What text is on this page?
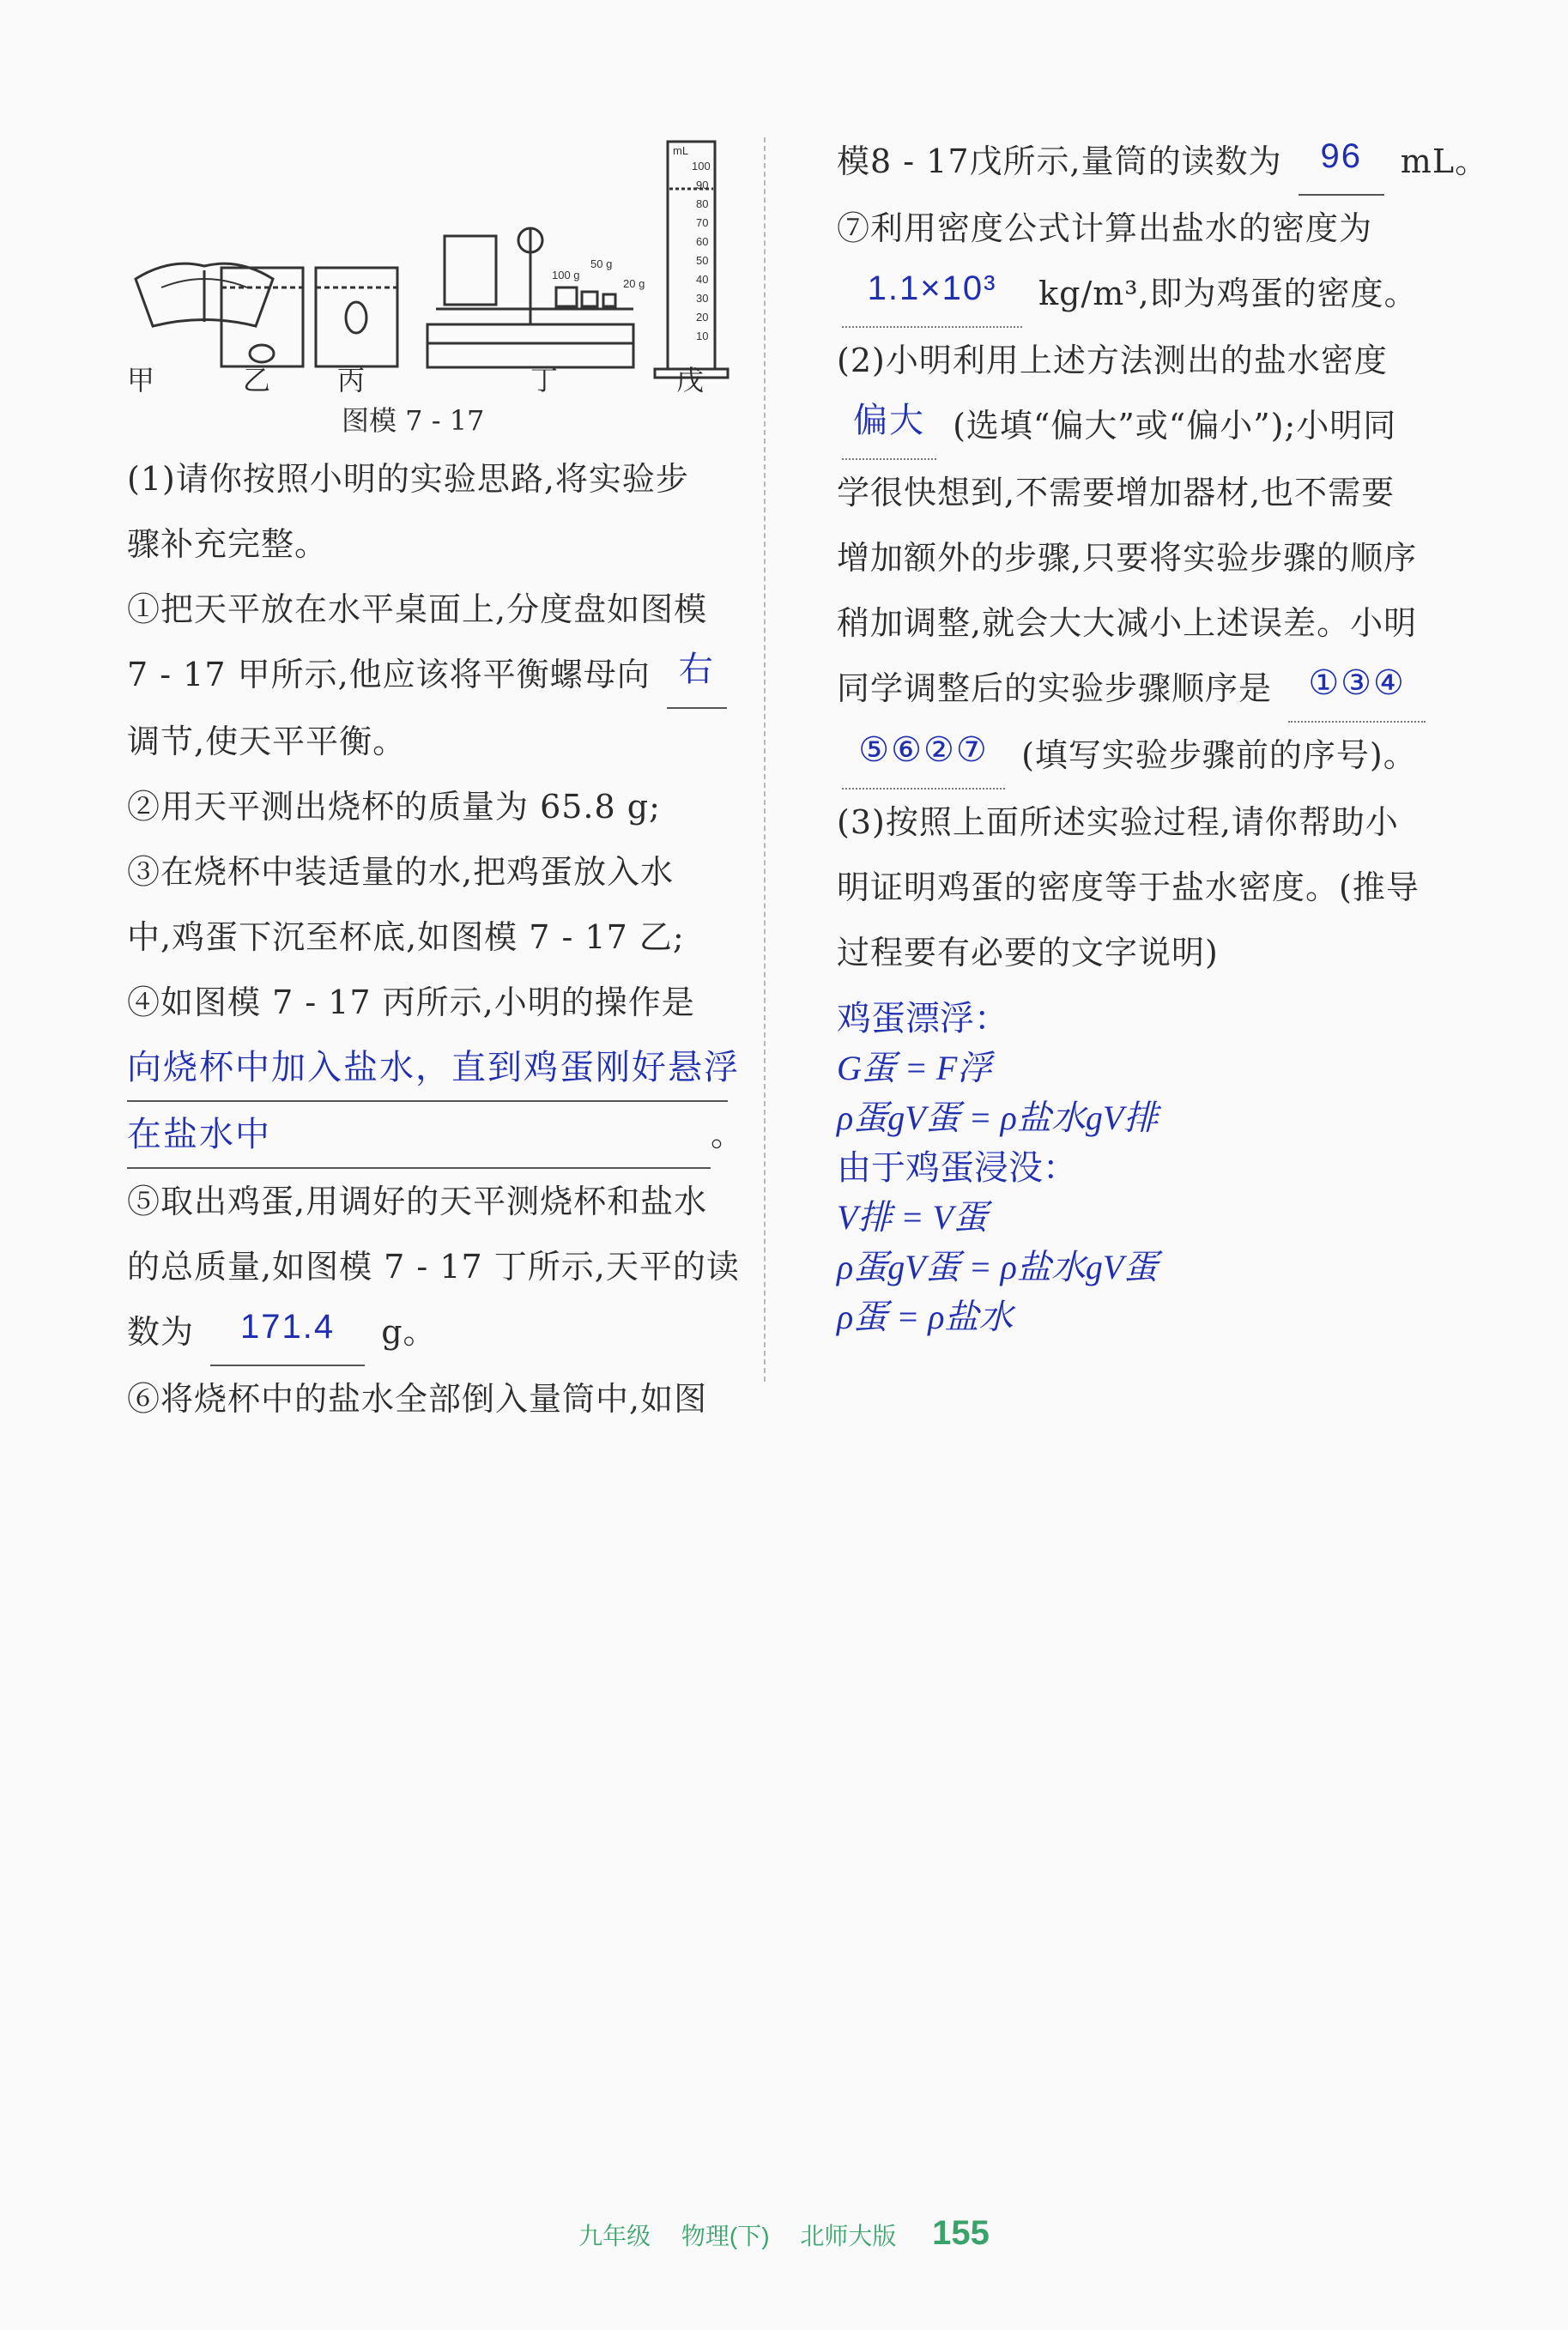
mL
100
90
80
70
60
50
40
30
20
10
100 g
50 g
20 g
甲	乙 丙	丁	戊
图模 7 - 17
(1)请你按照小明的实验思路,将实验步
骤补充完整。
①把天平放在水平桌面上,分度盘如图模
7 - 17 甲所示,他应该将平衡螺母向 右
调节,使天平平衡。
②用天平测出烧杯的质量为 65.8 g;
③在烧杯中装适量的水,把鸡蛋放入水
中,鸡蛋下沉至杯底,如图模 7 - 17 乙;
④如图模 7 - 17 丙所示,小明的操作是
向烧杯中加入盐水，直到鸡蛋刚好悬浮
在盐水中	。
⑤取出鸡蛋,用调好的天平测烧杯和盐水
的总质量,如图模 7 - 17 丁所示,天平的读
数为 171.4 g。
⑥将烧杯中的盐水全部倒入量筒中,如图
模8 - 17戊所示,量筒的读数为 96 mL。
⑦利用密度公式计算出盐水的密度为
1.1×10³ kg/m³,即为鸡蛋的密度。
(2)小明利用上述方法测出的盐水密度
偏大 (选填“偏大”或“偏小”);小明同
学很快想到,不需要增加器材,也不需要
增加额外的步骤,只要将实验步骤的顺序
稍加调整,就会大大减小上述误差。小明
同学调整后的实验步骤顺序是 ①③④
⑤⑥②⑦ (填写实验步骤前的序号)。
(3)按照上面所述实验过程,请你帮助小
明证明鸡蛋的密度等于盐水密度。(推导
过程要有必要的文字说明)
鸡蛋漂浮：
G蛋 = F浮
ρ蛋gV蛋 = ρ盐水gV排
由于鸡蛋浸没：
V排 = V蛋
ρ蛋gV蛋 = ρ盐水gV蛋
ρ蛋 = ρ盐水
九年级 物理(下) 北师大版 155
